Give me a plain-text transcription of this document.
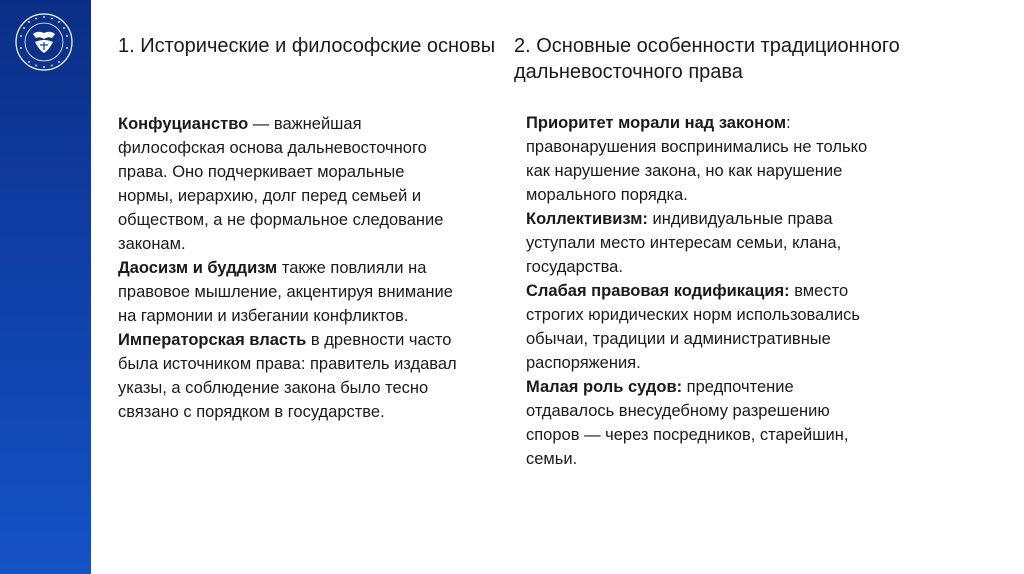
1. Исторические и философские основы 2. Основные особенности традиционного дальневосточного права

Конфуцианство — важнейшая философская основа дальневосточного права. Оно подчеркивает моральные нормы, иерархию, долг перед семьей и обществом, а не формальное следование законам.

Даосизм и буддизм также повлияли на правовое мышление, акцентируя внимание на гармонии и избегании конфликтов.

Императорская власть в древности часто была источником права: правитель издавал указы, а соблюдение закона было тесно связано с порядком в государстве.

Приоритет морали над законом: правонарушения воспринимались не только как нарушение закона, но как нарушение морального порядка.

Коллективизм: индивидуальные права уступали место интересам семьи, клана, государства.

Слабая правовая кодификация: вместо строгих юридических норм использовались обычаи, традиции и административные распоряжения.

Малая роль судов: предпочтение отдавалось внесудебному разрешению споров — через посредников, старейшин, семьи.
